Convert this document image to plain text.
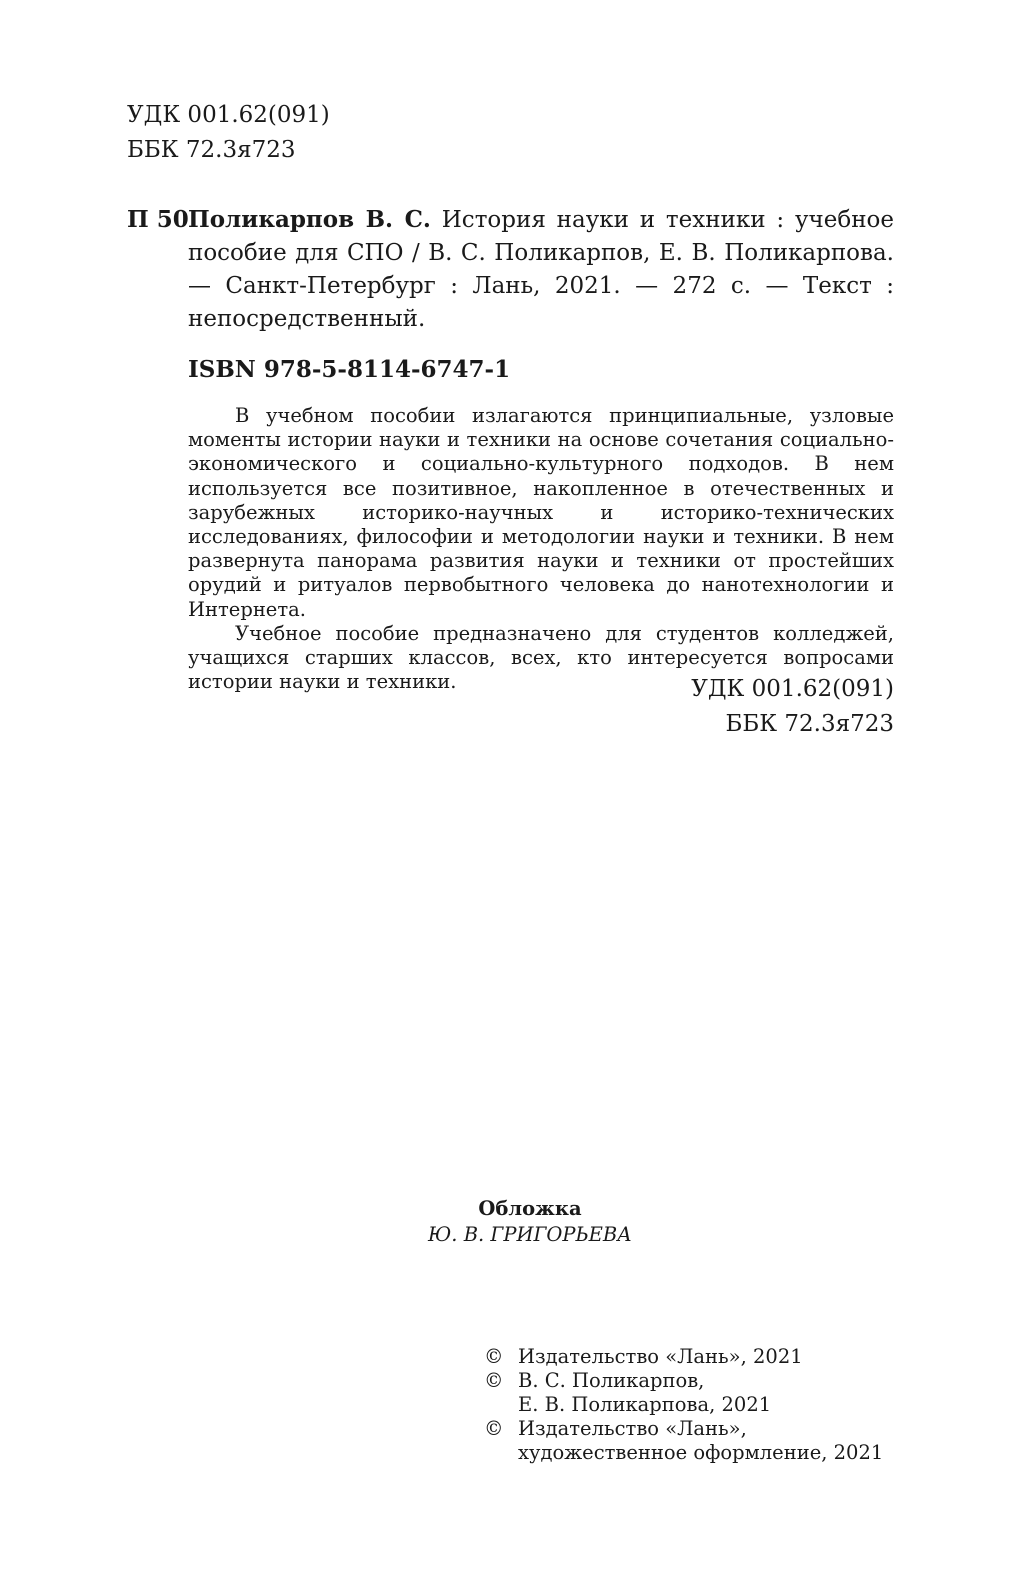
УДК 001.62(091)
ББК 72.3я723
П 50 Поликарпов В. С. История науки и техники : учебное пособие для СПО / В. С. Поликарпов, Е. В. Поликарпова. — Санкт-Петербург : Лань, 2021. — 272 с. — Текст : непосредственный.
ISBN 978-5-8114-6747-1

В учебном пособии излагаются принципиальные, узловые моменты истории науки и техники на основе сочетания социально-экономического и социально-культурного подходов. В нем используется все позитивное, накопленное в отечественных и зарубежных историко-научных и историко-технических исследованиях, философии и методологии науки и техники. В нем развернута панорама развития науки и техники от простейших орудий и ритуалов первобытного человека до нанотехнологии и Интернета.

Учебное пособие предназначено для студентов колледжей, учащихся старших классов, всех, кто интересуется вопросами истории науки и техники.	УДК 001.62(091)
ББК 72.3я723
Обложка
Ю. В. ГРИГОРЬЕВА
© Издательство «Лань», 2021
© В. С. Поликарпов,
Е. В. Поликарпова, 2021
© Издательство «Лань»,
художественное оформление, 2021
